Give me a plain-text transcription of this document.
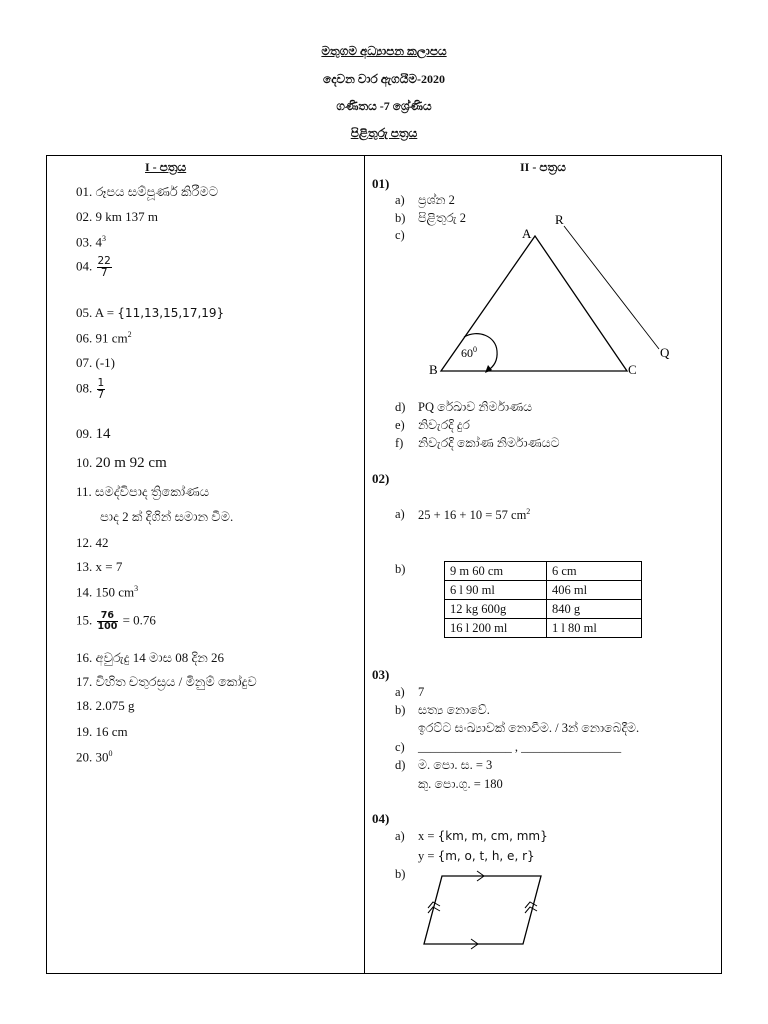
මතුගම අධ්‍යාපන කලාපය
දෙවන වාර ඇගයීම-2020
ගණිතය -7 ශ්‍රේණිය
පිළිතුරු පත්‍රය
I - පත්‍රය
01. රූපය සම්පූර්ණ කිරීමට
02. 9 km 137 m
03. $4^3$
04. $\frac{22}{7}$
05. A = {11,13,15,17,19}
06. 91 $cm^2$
07. (-1)
08. $\frac{1}{7}$
09. 14
10. 20 m 92 cm
11. සමද්විපාද ත්‍රිකෝණය
පාද 2 ක් දිගින් සමාන වීම.
12. 42
13. x = 7
14. 150 $cm^3$
15. $\frac{76}{100} = 0.76$
16. අවුරුදු 14 මාස 08 දින 26
17. විහිත චතුරස්‍රය / මිනුම් කෝදුව
18. 2.075 g
19. 16 cm
20. $30^0$
II - පත්‍රය
01)
a) ප්‍රශ්න 2
b) පිළිතුරු 2
c)	A
B	C
R
Q
$60^0$
d) PQ රේඛාව නිර්මාණය
e) නිවැරදි දුර
f) නිවැරදි කෝණ නිර්මාණයට
02)
a) 25 + 16 + 10 = 57 $cm^2$
b)	9 m 60 cm	6 cm
6 l 90 ml	406 ml
12 kg 600g	840 g
16 l 200 ml	1 l 80 ml
03)
a) 7
b) සත්‍ය නොවේ.
ඉරට්ට සංඛ්‍යාවක් නොවීම. / 3න් නොබෙදීම.
c) _______________ , ________________
d) ම. පො. ස. = 3
කු. පො.ගු. = 180
04)
a) x = {km, m, cm, mm}
y = {m, o, t, h, e, r}
b)
